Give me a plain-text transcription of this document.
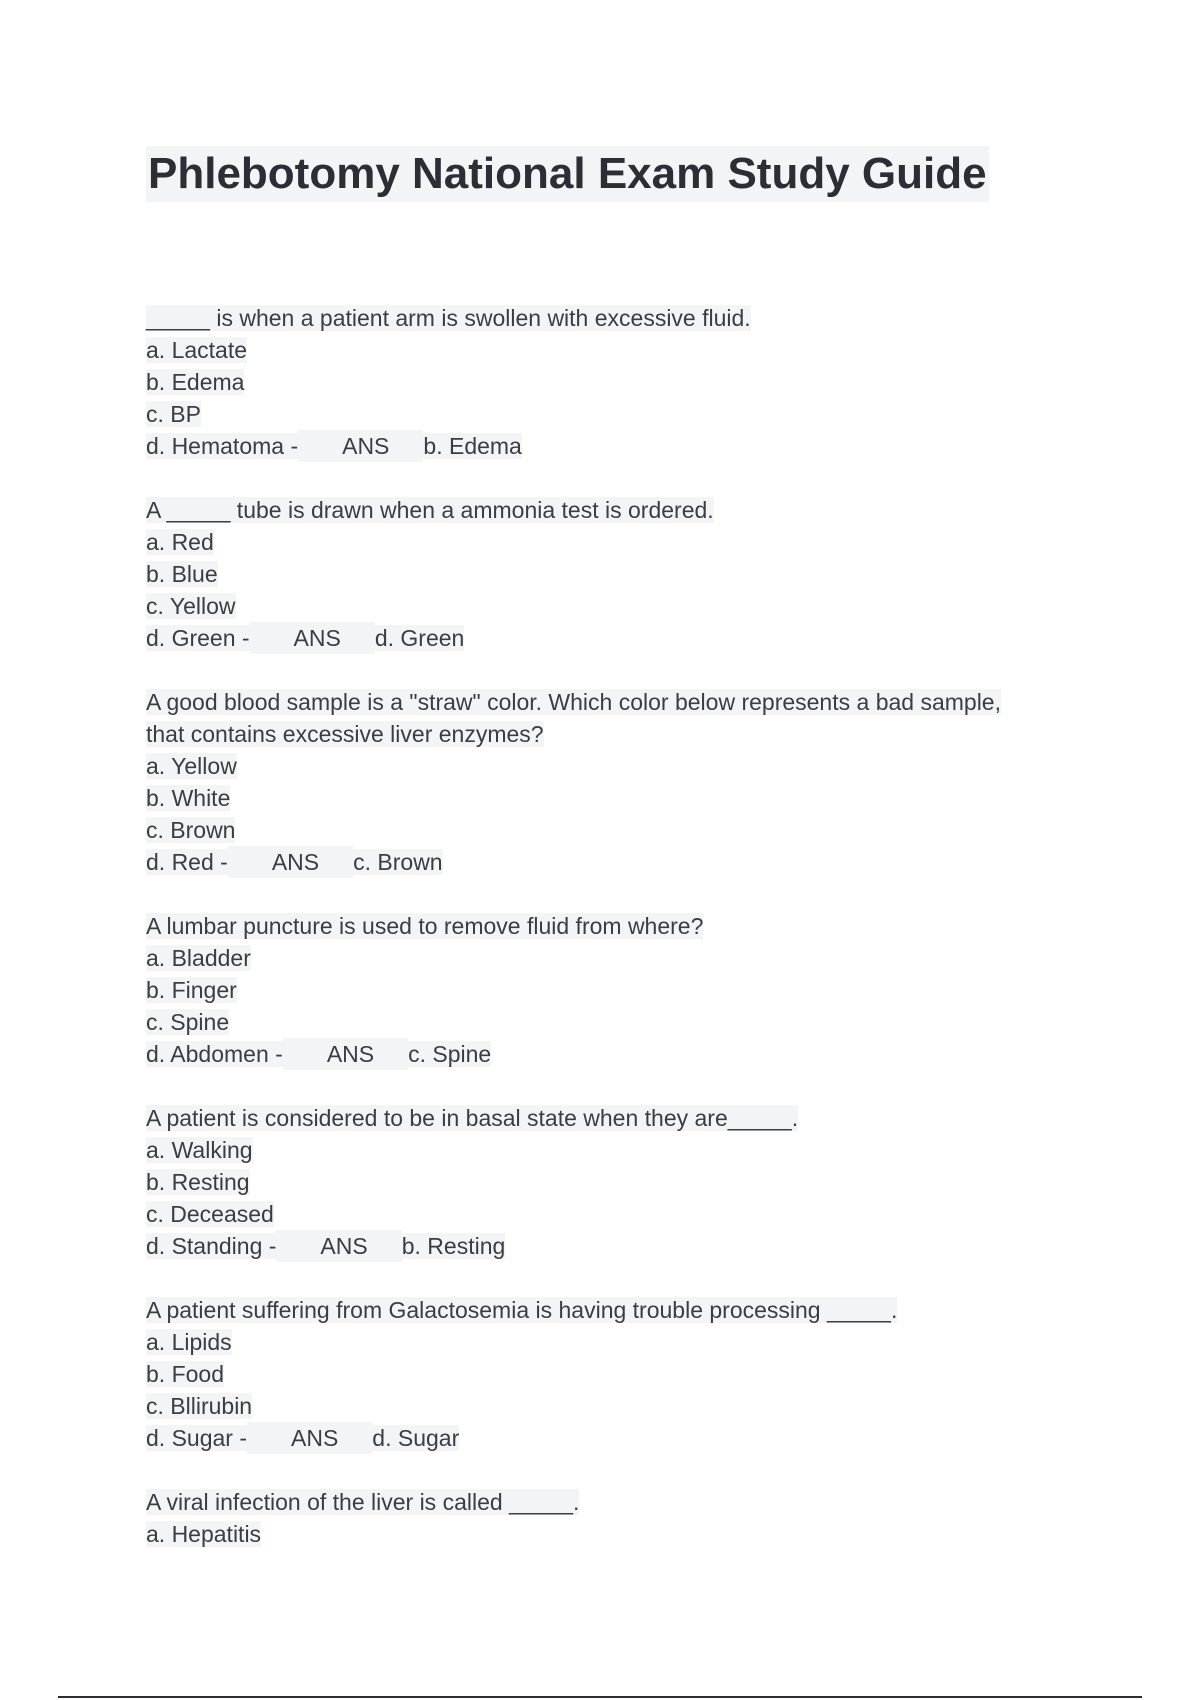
Phlebotomy National Exam Study Guide
_____ is when a patient arm is swollen with excessive fluid.
a. Lactate
b. Edema
c. BP
d. Hematoma - ANS b. Edema
A _____ tube is drawn when a ammonia test is ordered.
a. Red
b. Blue
c. Yellow
d. Green - ANS d. Green
A good blood sample is a "straw" color. Which color below represents a bad sample,
that contains excessive liver enzymes?
a. Yellow
b. White
c. Brown
d. Red - ANS c. Brown
A lumbar puncture is used to remove fluid from where?
a. Bladder
b. Finger
c. Spine
d. Abdomen - ANS c. Spine
A patient is considered to be in basal state when they are_____.
a. Walking
b. Resting
c. Deceased
d. Standing - ANS b. Resting
A patient suffering from Galactosemia is having trouble processing _____.
a. Lipids
b. Food
c. Bllirubin
d. Sugar - ANS d. Sugar
A viral infection of the liver is called _____.
a. Hepatitis
